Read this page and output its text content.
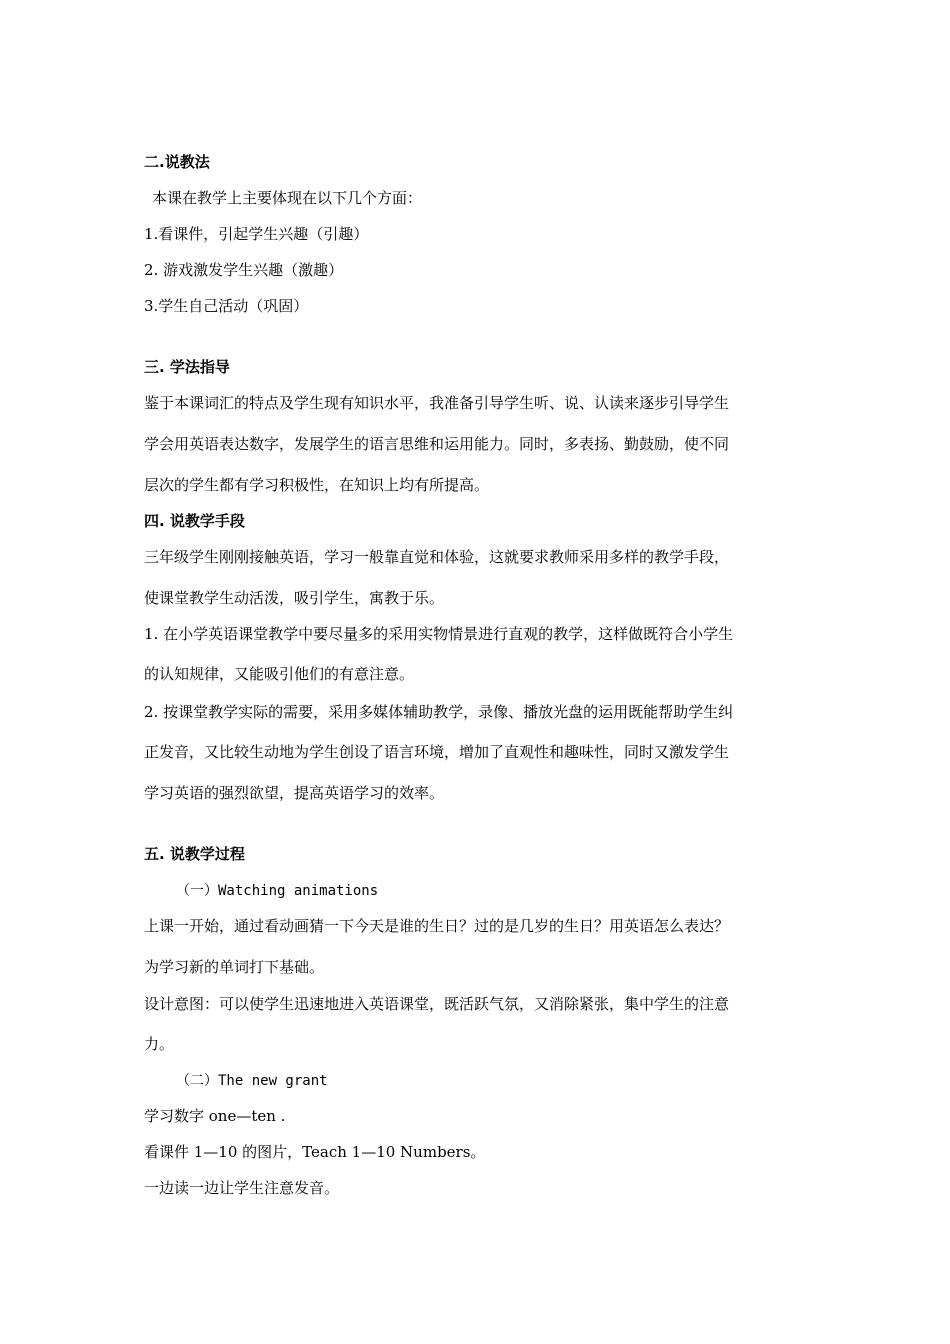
二.说教法
本课在教学上主要体现在以下几个方面：
1.看课件，引起学生兴趣（引趣）
2. 游戏激发学生兴趣（激趣）
3.学生自己活动（巩固）
三. 学法指导
鉴于本课词汇的特点及学生现有知识水平，我准备引导学生听、说、认读来逐步引导学生
学会用英语表达数字，发展学生的语言思维和运用能力。同时，多表扬、勤鼓励，使不同
层次的学生都有学习积极性，在知识上均有所提高。
四. 说教学手段
三年级学生刚刚接触英语，学习一般靠直觉和体验，这就要求教师采用多样的教学手段，
使课堂教学生动活泼，吸引学生，寓教于乐。
1. 在小学英语课堂教学中要尽量多的采用实物情景进行直观的教学，这样做既符合小学生
的认知规律，又能吸引他们的有意注意。
2. 按课堂教学实际的需要，采用多媒体辅助教学，录像、播放光盘的运用既能帮助学生纠
正发音，又比较生动地为学生创设了语言环境，增加了直观性和趣味性，同时又激发学生
学习英语的强烈欲望，提高英语学习的效率。
五. 说教学过程
（一）Watching animations
上课一开始，通过看动画猜一下今天是谁的生日？过的是几岁的生日？用英语怎么表达？
为学习新的单词打下基础。
设计意图：可以使学生迅速地进入英语课堂，既活跃气氛，又消除紧张，集中学生的注意
力。
（二）The new grant
学习数字 one—ten .
看课件 1—10 的图片，Teach 1—10 Numbers。
一边读一边让学生注意发音。
